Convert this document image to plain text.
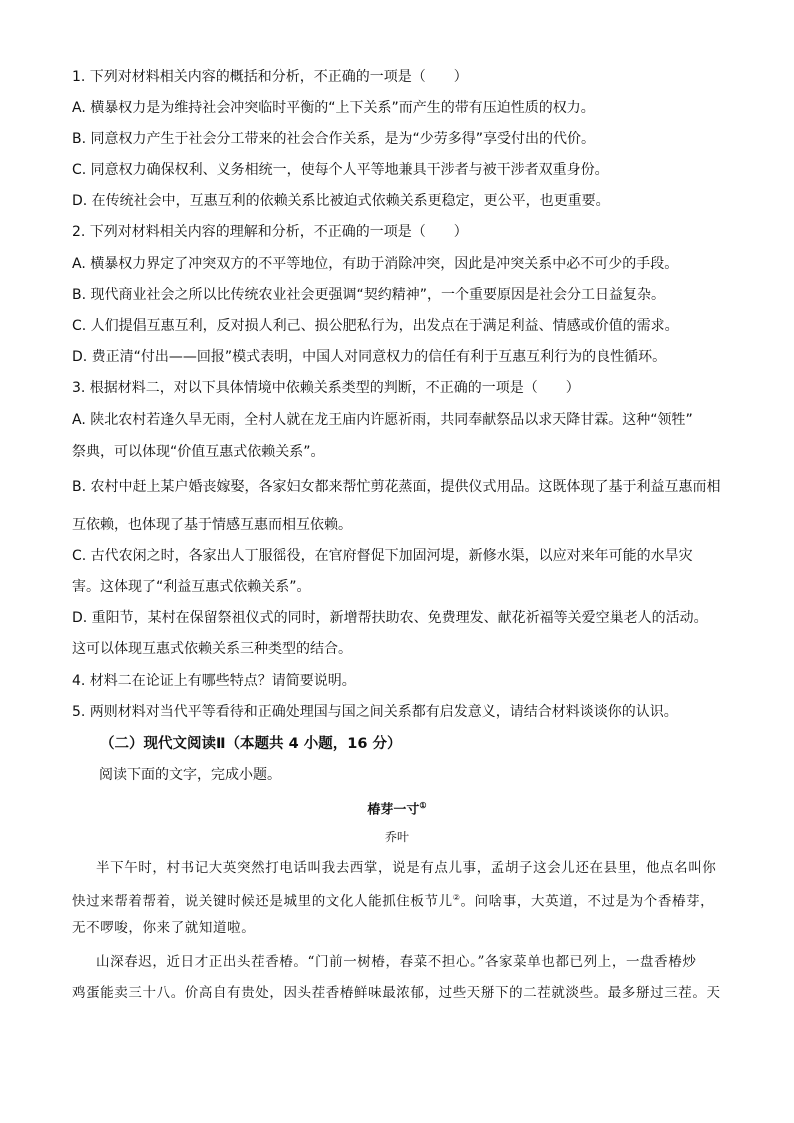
1. 下列对材料相关内容的概括和分析，不正确的一项是（　　）
A. 横暴权力是为维持社会冲突临时平衡的“上下关系”而产生的带有压迫性质的权力。
B. 同意权力产生于社会分工带来的社会合作关系，是为“少劳多得”享受付出的代价。
C. 同意权力确保权利、义务相统一，使每个人平等地兼具干涉者与被干涉者双重身份。
D. 在传统社会中，互惠互利的依赖关系比被迫式依赖关系更稳定，更公平，也更重要。
2. 下列对材料相关内容的理解和分析，不正确的一项是（　　）
A. 横暴权力界定了冲突双方的不平等地位，有助于消除冲突，因此是冲突关系中必不可少的手段。
B. 现代商业社会之所以比传统农业社会更强调“契约精神”，一个重要原因是社会分工日益复杂。
C. 人们提倡互惠互利，反对损人利己、损公肥私行为，出发点在于满足利益、情感或价值的需求。
D. 费正清“付出——回报”模式表明，中国人对同意权力的信任有利于互惠互利行为的良性循环。
3. 根据材料二，对以下具体情境中依赖关系类型的判断，不正确的一项是（　　）
A. 陕北农村若逢久旱无雨，全村人就在龙王庙内许愿祈雨，共同奉献祭品以求天降甘霖。这种“领牲”
祭典，可以体现“价值互惠式依赖关系”。
B. 农村中赶上某户婚丧嫁娶，各家妇女都来帮忙剪花蒸面，提供仪式用品。这既体现了基于利益互惠而相
互依赖，也体现了基于情感互惠而相互依赖。
C. 古代农闲之时，各家出人丁服徭役，在官府督促下加固河堤，新修水渠，以应对来年可能的水旱灾
害。这体现了“利益互惠式依赖关系”。
D. 重阳节，某村在保留祭祖仪式的同时，新增帮扶助农、免费理发、献花祈福等关爱空巢老人的活动。
这可以体现互惠式依赖关系三种类型的结合。
4. 材料二在论证上有哪些特点？请简要说明。
5. 两则材料对当代平等看待和正确处理国与国之间关系都有启发意义，请结合材料谈谈你的认识。
（二）现代文阅读Ⅱ（本题共 4 小题，16 分）
阅读下面的文字，完成小题。
椿芽一寸①
乔叶
半下午时，村书记大英突然打电话叫我去西掌，说是有点儿事，孟胡子这会儿还在县里，他点名叫你
快过来帮着帮着，说关键时候还是城里的文化人能抓住板节儿②。问啥事，大英道，不过是为个香椿芽，
无不啰唆，你来了就知道啦。
山深春迟，近日才正出头茬香椿。“门前一树椿，春菜不担心。”各家菜单也都已列上，一盘香椿炒
鸡蛋能卖三十八。价高自有贵处，因头茬香椿鲜味最浓郁，过些天掰下的二茬就淡些。最多掰过三茬。天
